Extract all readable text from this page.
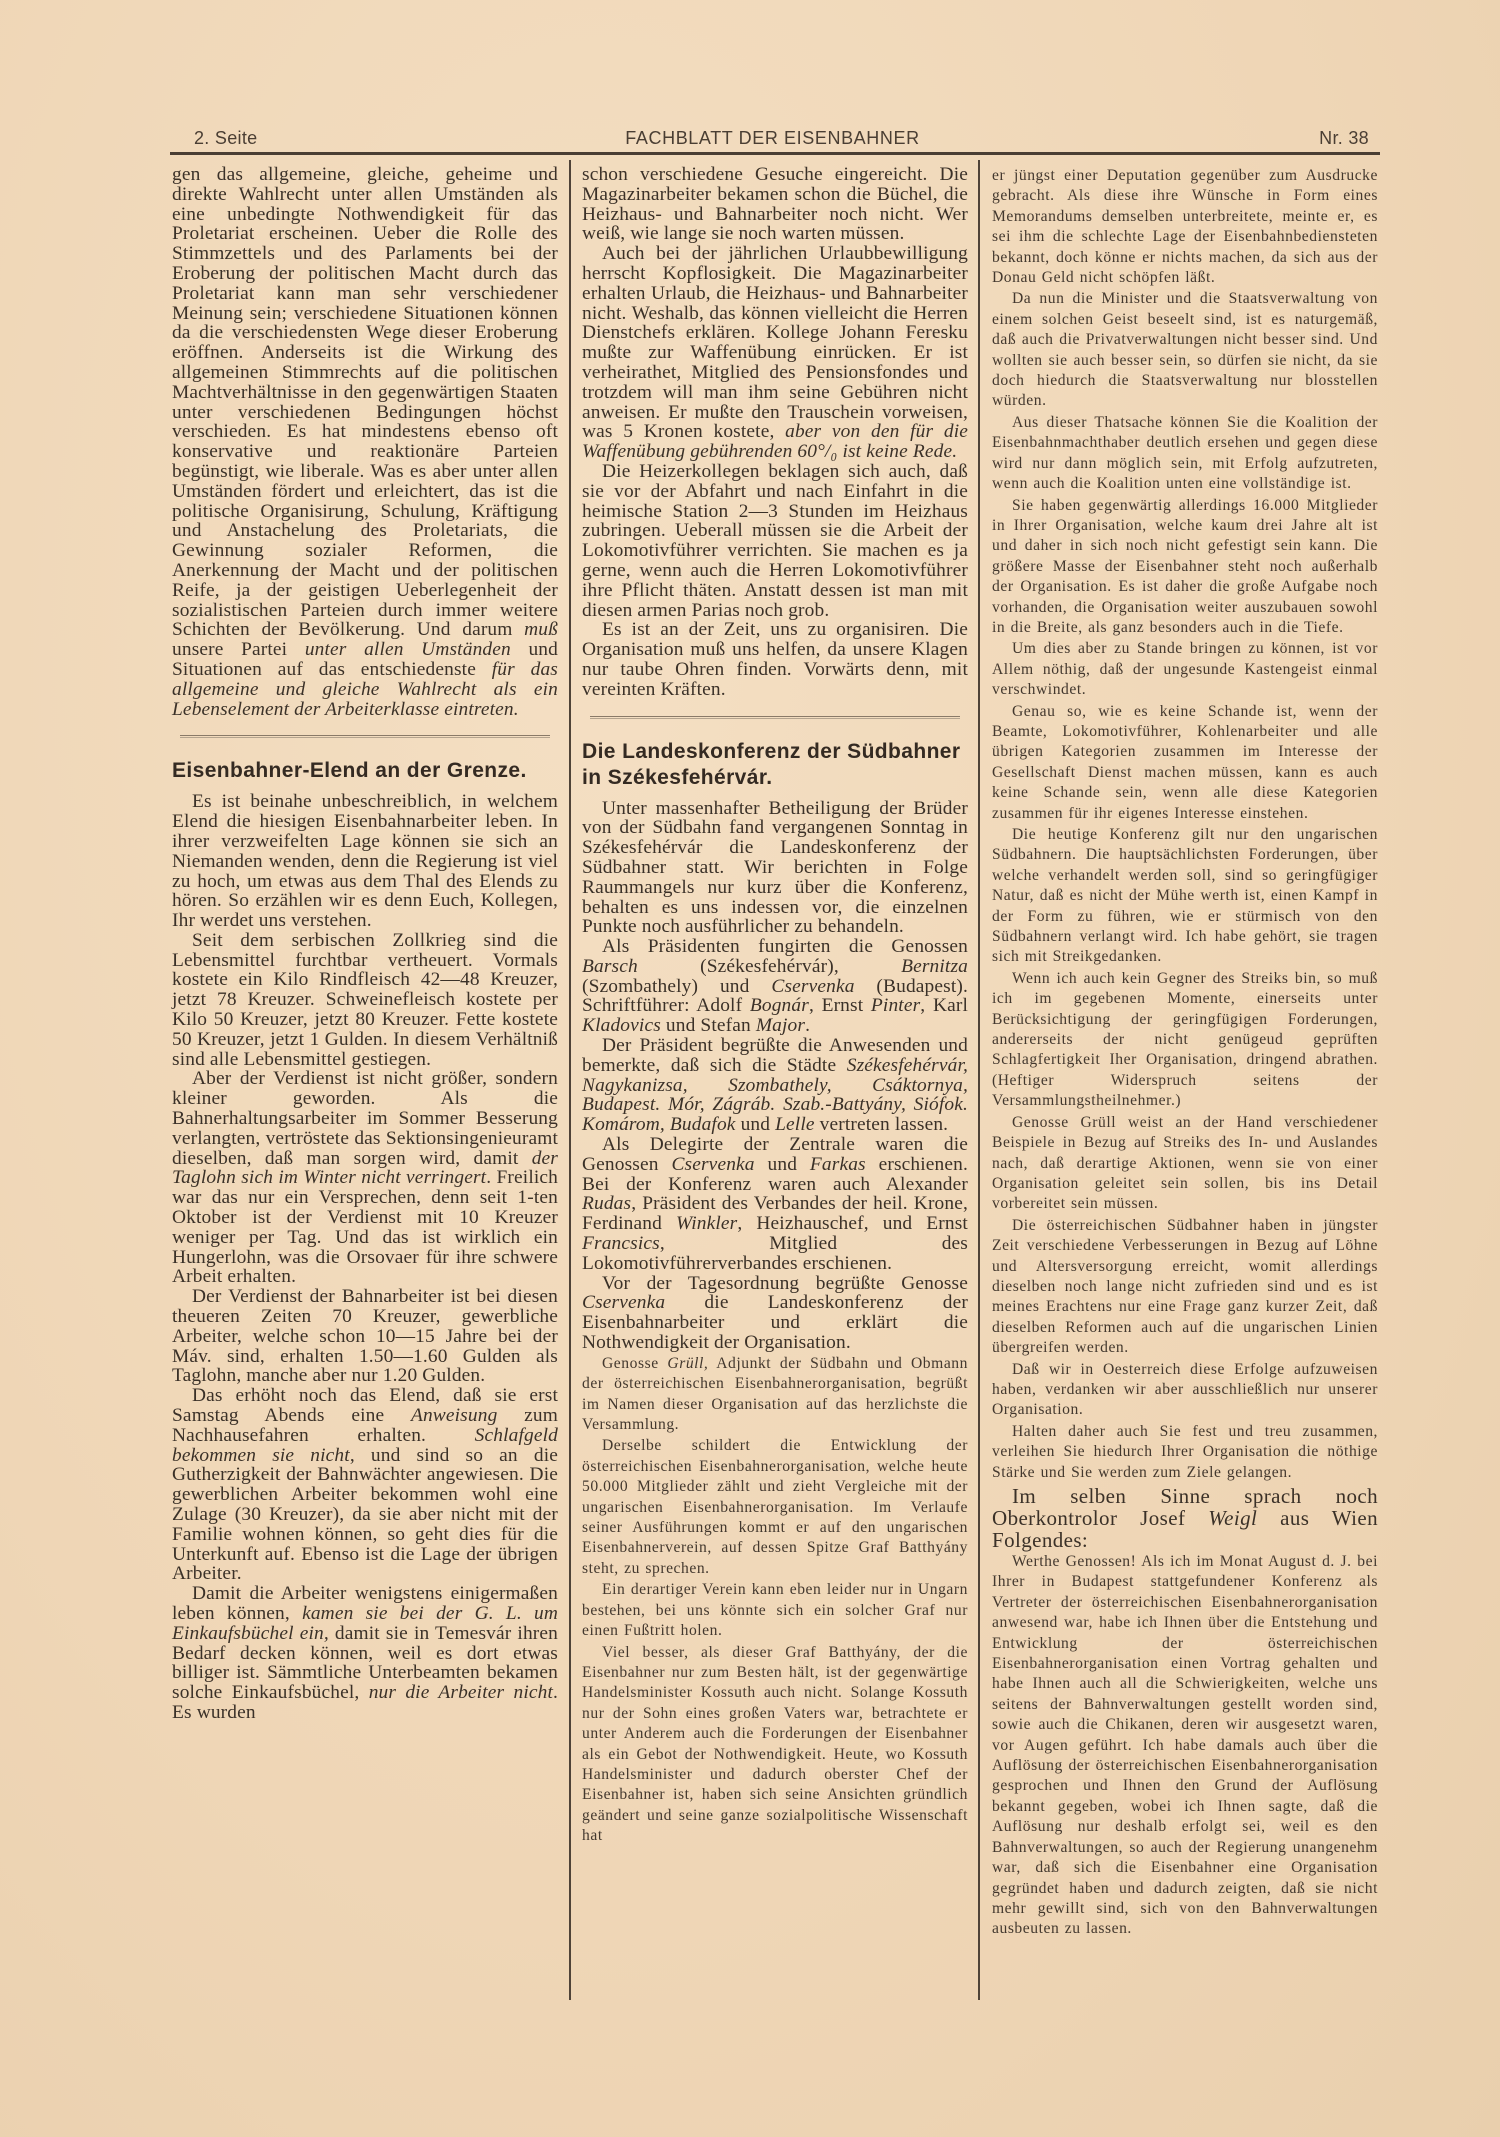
2. Seite	FACHBLATT DER EISENBAHNER	Nr. 38

gen das allgemeine, gleiche, geheime und direkte Wahlrecht unter allen Umständen als eine unbedingte Nothwendigkeit für das Proletariat erscheinen. Ueber die Rolle des Stimmzettels und des Parlaments bei der Eroberung der politischen Macht durch das Proletariat kann man sehr verschiedener Meinung sein; verschiedene Situationen können da die verschiedensten Wege dieser Eroberung eröffnen. Anderseits ist die Wirkung des allgemeinen Stimmrechts auf die politischen Machtverhältnisse in den gegenwärtigen Staaten unter verschiedenen Bedingungen höchst verschieden. Es hat mindestens ebenso oft konservative und reaktionäre Parteien begünstigt, wie liberale. Was es aber unter allen Umständen fördert und erleichtert, das ist die politische Organisirung, Schulung, Kräftigung und Anstachelung des Proletariats, die Gewinnung sozialer Reformen, die Anerkennung der Macht und der politischen Reife, ja der geistigen Ueberlegenheit der sozialistischen Parteien durch immer weitere Schichten der Bevölkerung. Und darum muß unsere Partei unter allen Umständen und Situationen auf das entschiedenste für das allgemeine und gleiche Wahlrecht als ein Lebenselement der Arbeiterklasse eintreten.

Eisenbahner-Elend an der Grenze.

Es ist beinahe unbeschreiblich, in welchem Elend die hiesigen Eisenbahnarbeiter leben. In ihrer verzweifelten Lage können sie sich an Niemanden wenden, denn die Regierung ist viel zu hoch, um etwas aus dem Thal des Elends zu hören. So erzählen wir es denn Euch, Kollegen, Ihr werdet uns verstehen.

Seit dem serbischen Zollkrieg sind die Lebensmittel furchtbar vertheuert. Vormals kostete ein Kilo Rindfleisch 42—48 Kreuzer, jetzt 78 Kreuzer. Schweinefleisch kostete per Kilo 50 Kreuzer, jetzt 80 Kreuzer. Fette kostete 50 Kreuzer, jetzt 1 Gulden. In diesem Verhältniß sind alle Lebensmittel gestiegen.

Aber der Verdienst ist nicht größer, sondern kleiner geworden. Als die Bahnerhaltungsarbeiter im Sommer Besserung verlangten, vertröstete das Sektionsingenieuramt dieselben, daß man sorgen wird, damit der Taglohn sich im Winter nicht verringert. Freilich war das nur ein Versprechen, denn seit 1-ten Oktober ist der Verdienst mit 10 Kreuzer weniger per Tag. Und das ist wirklich ein Hungerlohn, was die Orsovaer für ihre schwere Arbeit erhalten.

Der Verdienst der Bahnarbeiter ist bei diesen theueren Zeiten 70 Kreuzer, gewerbliche Arbeiter, welche schon 10—15 Jahre bei der Máv. sind, erhalten 1.50—1.60 Gulden als Taglohn, manche aber nur 1.20 Gulden.

Das erhöht noch das Elend, daß sie erst Samstag Abends eine Anweisung zum Nachhausefahren erhalten. Schlafgeld bekommen sie nicht, und sind so an die Gutherzigkeit der Bahnwächter angewiesen. Die gewerblichen Arbeiter bekommen wohl eine Zulage (30 Kreuzer), da sie aber nicht mit der Familie wohnen können, so geht dies für die Unterkunft auf. Ebenso ist die Lage der übrigen Arbeiter.

Damit die Arbeiter wenigstens einigermaßen leben können, kamen sie bei der G. L. um Einkaufsbüchel ein, damit sie in Temesvár ihren Bedarf decken können, weil es dort etwas billiger ist. Sämmtliche Unterbeamten bekamen solche Einkaufsbüchel, nur die Arbeiter nicht. Es wurden

schon verschiedene Gesuche eingereicht. Die Magazinarbeiter bekamen schon die Büchel, die Heizhaus- und Bahnarbeiter noch nicht. Wer weiß, wie lange sie noch warten müssen.

Auch bei der jährlichen Urlaubbewilligung herrscht Kopflosigkeit. Die Magazinarbeiter erhalten Urlaub, die Heizhaus- und Bahnarbeiter nicht. Weshalb, das können vielleicht die Herren Dienstchefs erklären. Kollege Johann Feresku mußte zur Waffenübung einrücken. Er ist verheirathet, Mitglied des Pensionsfondes und trotzdem will man ihm seine Gebühren nicht anweisen. Er mußte den Trauschein vorweisen, was 5 Kronen kostete, aber von den für die Waffenübung gebührenden 60°/₀ ist keine Rede.

Die Heizerkollegen beklagen sich auch, daß sie vor der Abfahrt und nach Einfahrt in die heimische Station 2—3 Stunden im Heizhaus zubringen. Ueberall müssen sie die Arbeit der Lokomotivführer verrichten. Sie machen es ja gerne, wenn auch die Herren Lokomotivführer ihre Pflicht thäten. Anstatt dessen ist man mit diesen armen Parias noch grob.

Es ist an der Zeit, uns zu organisiren. Die Organisation muß uns helfen, da unsere Klagen nur taube Ohren finden. Vorwärts denn, mit vereinten Kräften.

Die Landeskonferenz der Südbahner in Székesfehérvár.

Unter massenhafter Betheiligung der Brüder von der Südbahn fand vergangenen Sonntag in Székesfehérvár die Landeskonferenz der Südbahner statt. Wir berichten in Folge Raummangels nur kurz über die Konferenz, behalten es uns indessen vor, die einzelnen Punkte noch ausführlicher zu behandeln.

Als Präsidenten fungirten die Genossen Barsch (Székesfehérvár), Bernitza (Szombathely) und Cservenka (Budapest). Schriftführer: Adolf Bognár, Ernst Pinter, Karl Kladovics und Stefan Major.

Der Präsident begrüßte die Anwesenden und bemerkte, daß sich die Städte Székesfehérvár, Nagykanizsa, Szombathely, Csáktornya, Budapest. Mór, Zágráb. Szab.-Battyány, Siófok. Komárom, Budafok und Lelle vertreten lassen.

Als Delegirte der Zentrale waren die Genossen Cservenka und Farkas erschienen. Bei der Konferenz waren auch Alexander Rudas, Präsident des Verbandes der heil. Krone, Ferdinand Winkler, Heizhauschef, und Ernst Francsics, Mitglied des Lokomotivführerverbandes erschienen.

Vor der Tagesordnung begrüßte Genosse Cservenka die Landeskonferenz der Eisenbahnarbeiter und erklärt die Nothwendigkeit der Organisation.

Genosse Grüll, Adjunkt der Südbahn und Obmann der österreichischen Eisenbahnerorganisation, begrüßt im Namen dieser Organisation auf das herzlichste die Versammlung.

Derselbe schildert die Entwicklung der österreichischen Eisenbahnerorganisation, welche heute 50.000 Mitglieder zählt und zieht Vergleiche mit der ungarischen Eisenbahnerorganisation. Im Verlaufe seiner Ausführungen kommt er auf den ungarischen Eisenbahnerverein, auf dessen Spitze Graf Batthyány steht, zu sprechen.

Ein derartiger Verein kann eben leider nur in Ungarn bestehen, bei uns könnte sich ein solcher Graf nur einen Fußtritt holen.

Viel besser, als dieser Graf Batthyány, der die Eisenbahner nur zum Besten hält, ist der gegenwärtige Handelsminister Kossuth auch nicht. Solange Kossuth nur der Sohn eines großen Vaters war, betrachtete er unter Anderem auch die Forderungen der Eisenbahner als ein Gebot der Nothwendigkeit. Heute, wo Kossuth Handelsminister und dadurch oberster Chef der Eisenbahner ist, haben sich seine Ansichten gründlich geändert und seine ganze sozialpolitische Wissenschaft hat

er jüngst einer Deputation gegenüber zum Ausdrucke gebracht. Als diese ihre Wünsche in Form eines Memorandums demselben unterbreitete, meinte er, es sei ihm die schlechte Lage der Eisenbahnbediensteten bekannt, doch könne er nichts machen, da sich aus der Donau Geld nicht schöpfen läßt.

Da nun die Minister und die Staatsverwaltung von einem solchen Geist beseelt sind, ist es naturgemäß, daß auch die Privatverwaltungen nicht besser sind. Und wollten sie auch besser sein, so dürfen sie nicht, da sie doch hiedurch die Staatsverwaltung nur blosstellen würden.

Aus dieser Thatsache können Sie die Koalition der Eisenbahnmachthaber deutlich ersehen und gegen diese wird nur dann möglich sein, mit Erfolg aufzutreten, wenn auch die Koalition unten eine vollständige ist.

Sie haben gegenwärtig allerdings 16.000 Mitglieder in Ihrer Organisation, welche kaum drei Jahre alt ist und daher in sich noch nicht gefestigt sein kann. Die größere Masse der Eisenbahner steht noch außerhalb der Organisation. Es ist daher die große Aufgabe noch vorhanden, die Organisation weiter auszubauen sowohl in die Breite, als ganz besonders auch in die Tiefe.

Um dies aber zu Stande bringen zu können, ist vor Allem nöthig, daß der ungesunde Kastengeist einmal verschwindet.

Genau so, wie es keine Schande ist, wenn der Beamte, Lokomotivführer, Kohlenarbeiter und alle übrigen Kategorien zusammen im Interesse der Gesellschaft Dienst machen müssen, kann es auch keine Schande sein, wenn alle diese Kategorien zusammen für ihr eigenes Interesse einstehen.

Die heutige Konferenz gilt nur den ungarischen Südbahnern. Die hauptsächlichsten Forderungen, über welche verhandelt werden soll, sind so geringfügiger Natur, daß es nicht der Mühe werth ist, einen Kampf in der Form zu führen, wie er stürmisch von den Südbahnern verlangt wird. Ich habe gehört, sie tragen sich mit Streikgedanken.

Wenn ich auch kein Gegner des Streiks bin, so muß ich im gegebenen Momente, einerseits unter Berücksichtigung der geringfügigen Forderungen, andererseits der nicht genügeud geprüften Schlagfertigkeit Iher Organisation, dringend abrathen. (Heftiger Widerspruch seitens der Versammlungstheilnehmer.)

Genosse Grüll weist an der Hand verschiedener Beispiele in Bezug auf Streiks des In- und Auslandes nach, daß derartige Aktionen, wenn sie von einer Organisation geleitet sein sollen, bis ins Detail vorbereitet sein müssen.

Die österreichischen Südbahner haben in jüngster Zeit verschiedene Verbesserungen in Bezug auf Löhne und Altersversorgung erreicht, womit allerdings dieselben noch lange nicht zufrieden sind und es ist meines Erachtens nur eine Frage ganz kurzer Zeit, daß dieselben Reformen auch auf die ungarischen Linien übergreifen werden.

Daß wir in Oesterreich diese Erfolge aufzuweisen haben, verdanken wir aber ausschließlich nur unserer Organisation.

Halten daher auch Sie fest und treu zusammen, verleihen Sie hiedurch Ihrer Organisation die nöthige Stärke und Sie werden zum Ziele gelangen.

Im selben Sinne sprach noch Oberkontrolor Josef Weigl aus Wien Folgendes:

Werthe Genossen! Als ich im Monat August d. J. bei Ihrer in Budapest stattgefundener Konferenz als Vertreter der österreichischen Eisenbahnerorganisation anwesend war, habe ich Ihnen über die Entstehung und Entwicklung der österreichischen Eisenbahnerorganisation einen Vortrag gehalten und habe Ihnen auch all die Schwierigkeiten, welche uns seitens der Bahnverwaltungen gestellt worden sind, sowie auch die Chikanen, deren wir ausgesetzt waren, vor Augen geführt. Ich habe damals auch über die Auflösung der österreichischen Eisenbahnerorganisation gesprochen und Ihnen den Grund der Auflösung bekannt gegeben, wobei ich Ihnen sagte, daß die Auflösung nur deshalb erfolgt sei, weil es den Bahnverwaltungen, so auch der Regierung unangenehm war, daß sich die Eisenbahner eine Organisation gegründet haben und dadurch zeigten, daß sie nicht mehr gewillt sind, sich von den Bahnverwaltungen ausbeuten zu lassen.
